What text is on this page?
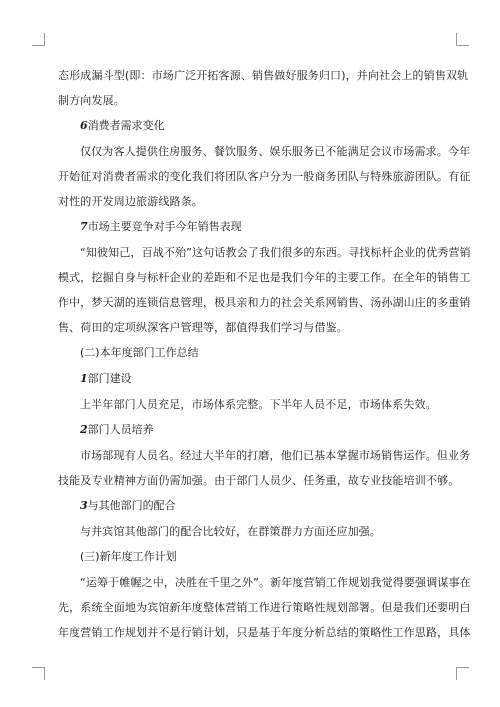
态形成漏斗型(即：市场广泛开拓客源、销售做好服务归口)，并向社会上的销售双轨
制方向发展。
6消费者需求变化
仅仅为客人提供住房服务、餐饮服务、娱乐服务已不能满足会议市场需求。今年
开始征对消费者需求的变化我们将团队客户分为一般商务团队与特殊旅游团队。有征
对性的开发周边旅游线路条。
7市场主要竞争对手今年销售表现
“知彼知己，百战不殆”这句话教会了我们很多的东西。寻找标杆企业的优秀营销
模式，挖掘自身与标杆企业的差距和不足也是我们今年的主要工作。在全年的销售工
作中，梦天湖的连锁信息管理，极具亲和力的社会关系网销售、汤孙湖山庄的多重销
售、荷田的定项纵深客户管理等，都值得我们学习与借鉴。
(二)本年度部门工作总结
1部门建设
上半年部门人员充足，市场体系完整。下半年人员不足，市场体系失效。
2部门人员培养
市场部现有人员名。经过大半年的打磨，他们已基本掌握市场销售运作。但业务
技能及专业精神方面仍需加强。由于部门人员少、任务重，故专业技能培训不够。
3与其他部门的配合
与并宾馆其他部门的配合比较好，在群策群力方面还应加强。
(三)新年度工作计划
“运筹于帷幄之中，决胜在千里之外”。新年度营销工作规划我觉得要强调谋事在
先，系统全面地为宾馆新年度整体营销工作进行策略性规划部署。但是我们还要明白
年度营销工作规划并不是行销计划，只是基于年度分析总结的策略性工作思路，具体
